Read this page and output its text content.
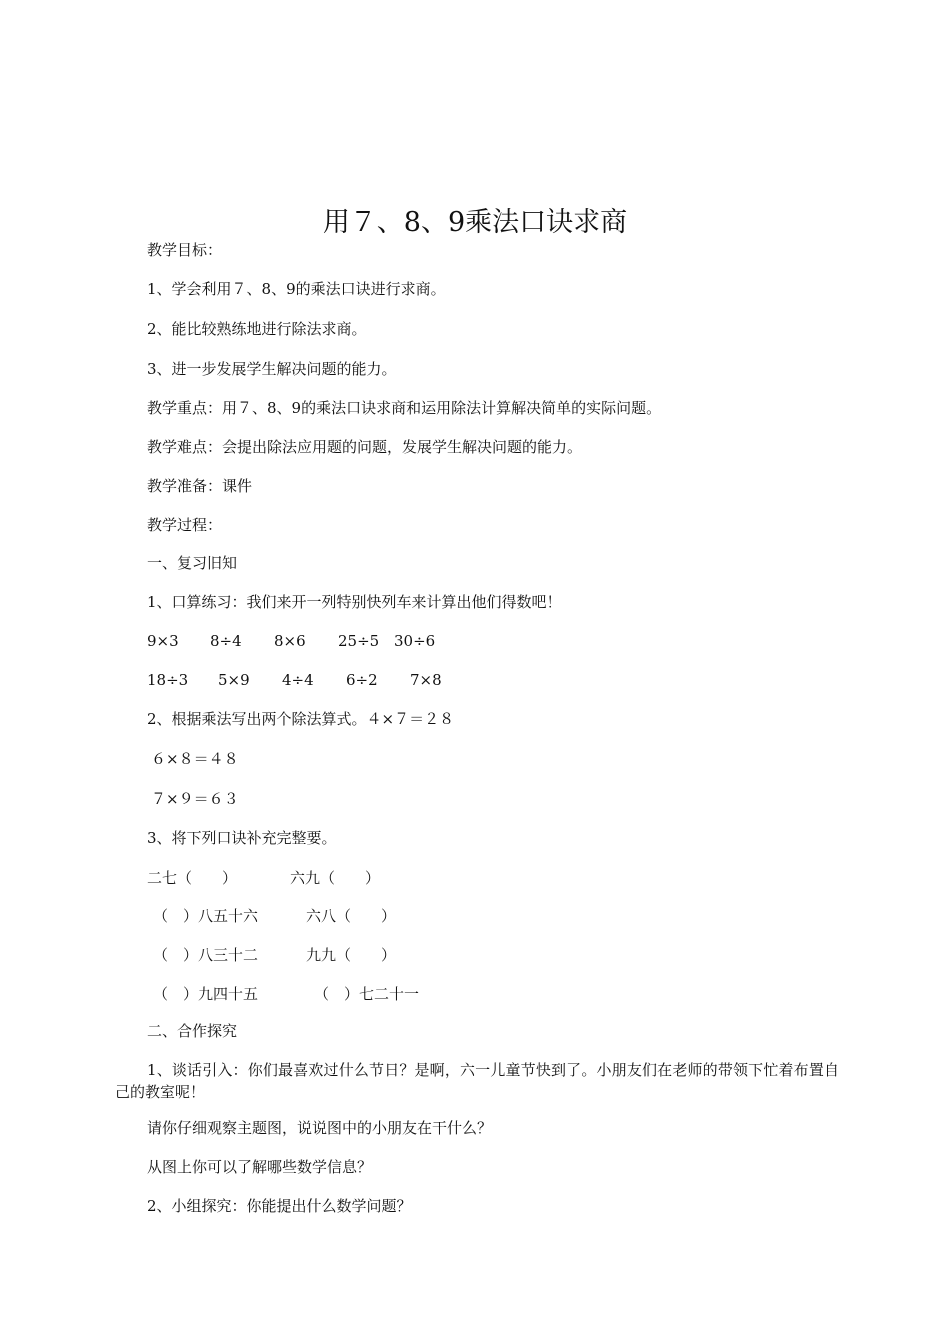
用７、8、9乘法口诀求商

教学目标：

1、学会利用７、8、9的乘法口诀进行求商。

2、能比较熟练地进行除法求商。

3、进一步发展学生解决问题的能力。

教学重点：用７、8、9的乘法口诀求商和运用除法计算解决简单的实际问题。

教学难点：会提出除法应用题的问题，发展学生解决问题的能力。

教学准备：课件

教学过程：

一、复习旧知

1、口算练习：我们来开一列特别快列车来计算出他们得数吧！

9×3 8÷4 8×6 25÷5 30÷6
18÷3 5×9 4÷4 6÷2 7×8

2、根据乘法写出两个除法算式。４×７＝２８

６×８＝４８

７×９＝６３

3、将下列口诀补充完整要。

二七（　　）	六九（　　）
（　）八五十六	六八（　　）
（　）八三十二	九九（　　）
（　）九四十五	（　）七二十一

二、合作探究

1、谈话引入：你们最喜欢过什么节日？是啊，六一儿童节快到了。小朋友们在老师的带领下忙着布置自己的教室呢！

请你仔细观察主题图，说说图中的小朋友在干什么？

从图上你可以了解哪些数学信息？

2、小组探究：你能提出什么数学问题？
